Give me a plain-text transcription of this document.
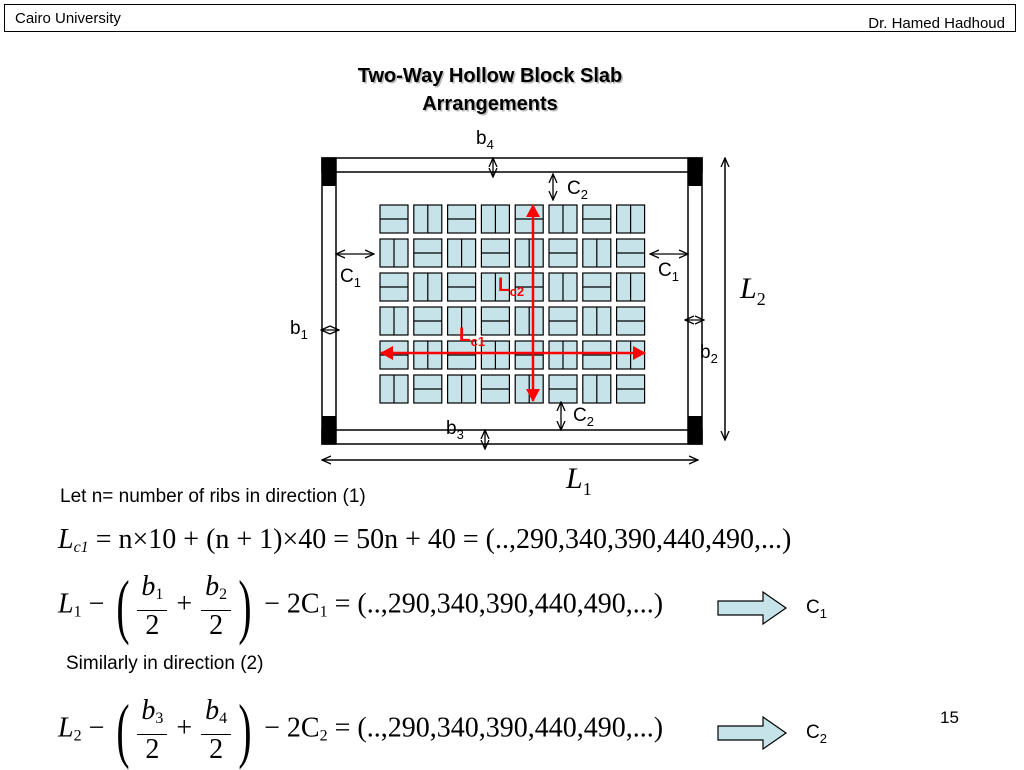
Cairo University	Dr. Hamed Hadhoud
Two-Way Hollow Block Slab
Arrangements
$b_4$
$C_2$
$C_1$
$C_1$
$b_1$
$b_2$
$C_2$
$b_3$
$L_{c2}$
$L_{c1}$
$L_2$
$L_1$
Let n= number of ribs in direction (1)
$L_{c1} = n\times 10 + (n + 1)\times 40 = 50n + 40 = (..,290,340,390,440,490,...)$
$L_1$ − ( $\frac{b_1}{2} + \frac{b_2}{2}$ ) − $2C_1 = (..,290,340,390,440,490,...)$	$C_1$
Similarly in direction (2)
$L_2$ − ( $\frac{b_3}{2} + \frac{b_4}{2}$ ) − $2C_2 = (..,290,340,390,440,490,...)$	$C_2$
15
